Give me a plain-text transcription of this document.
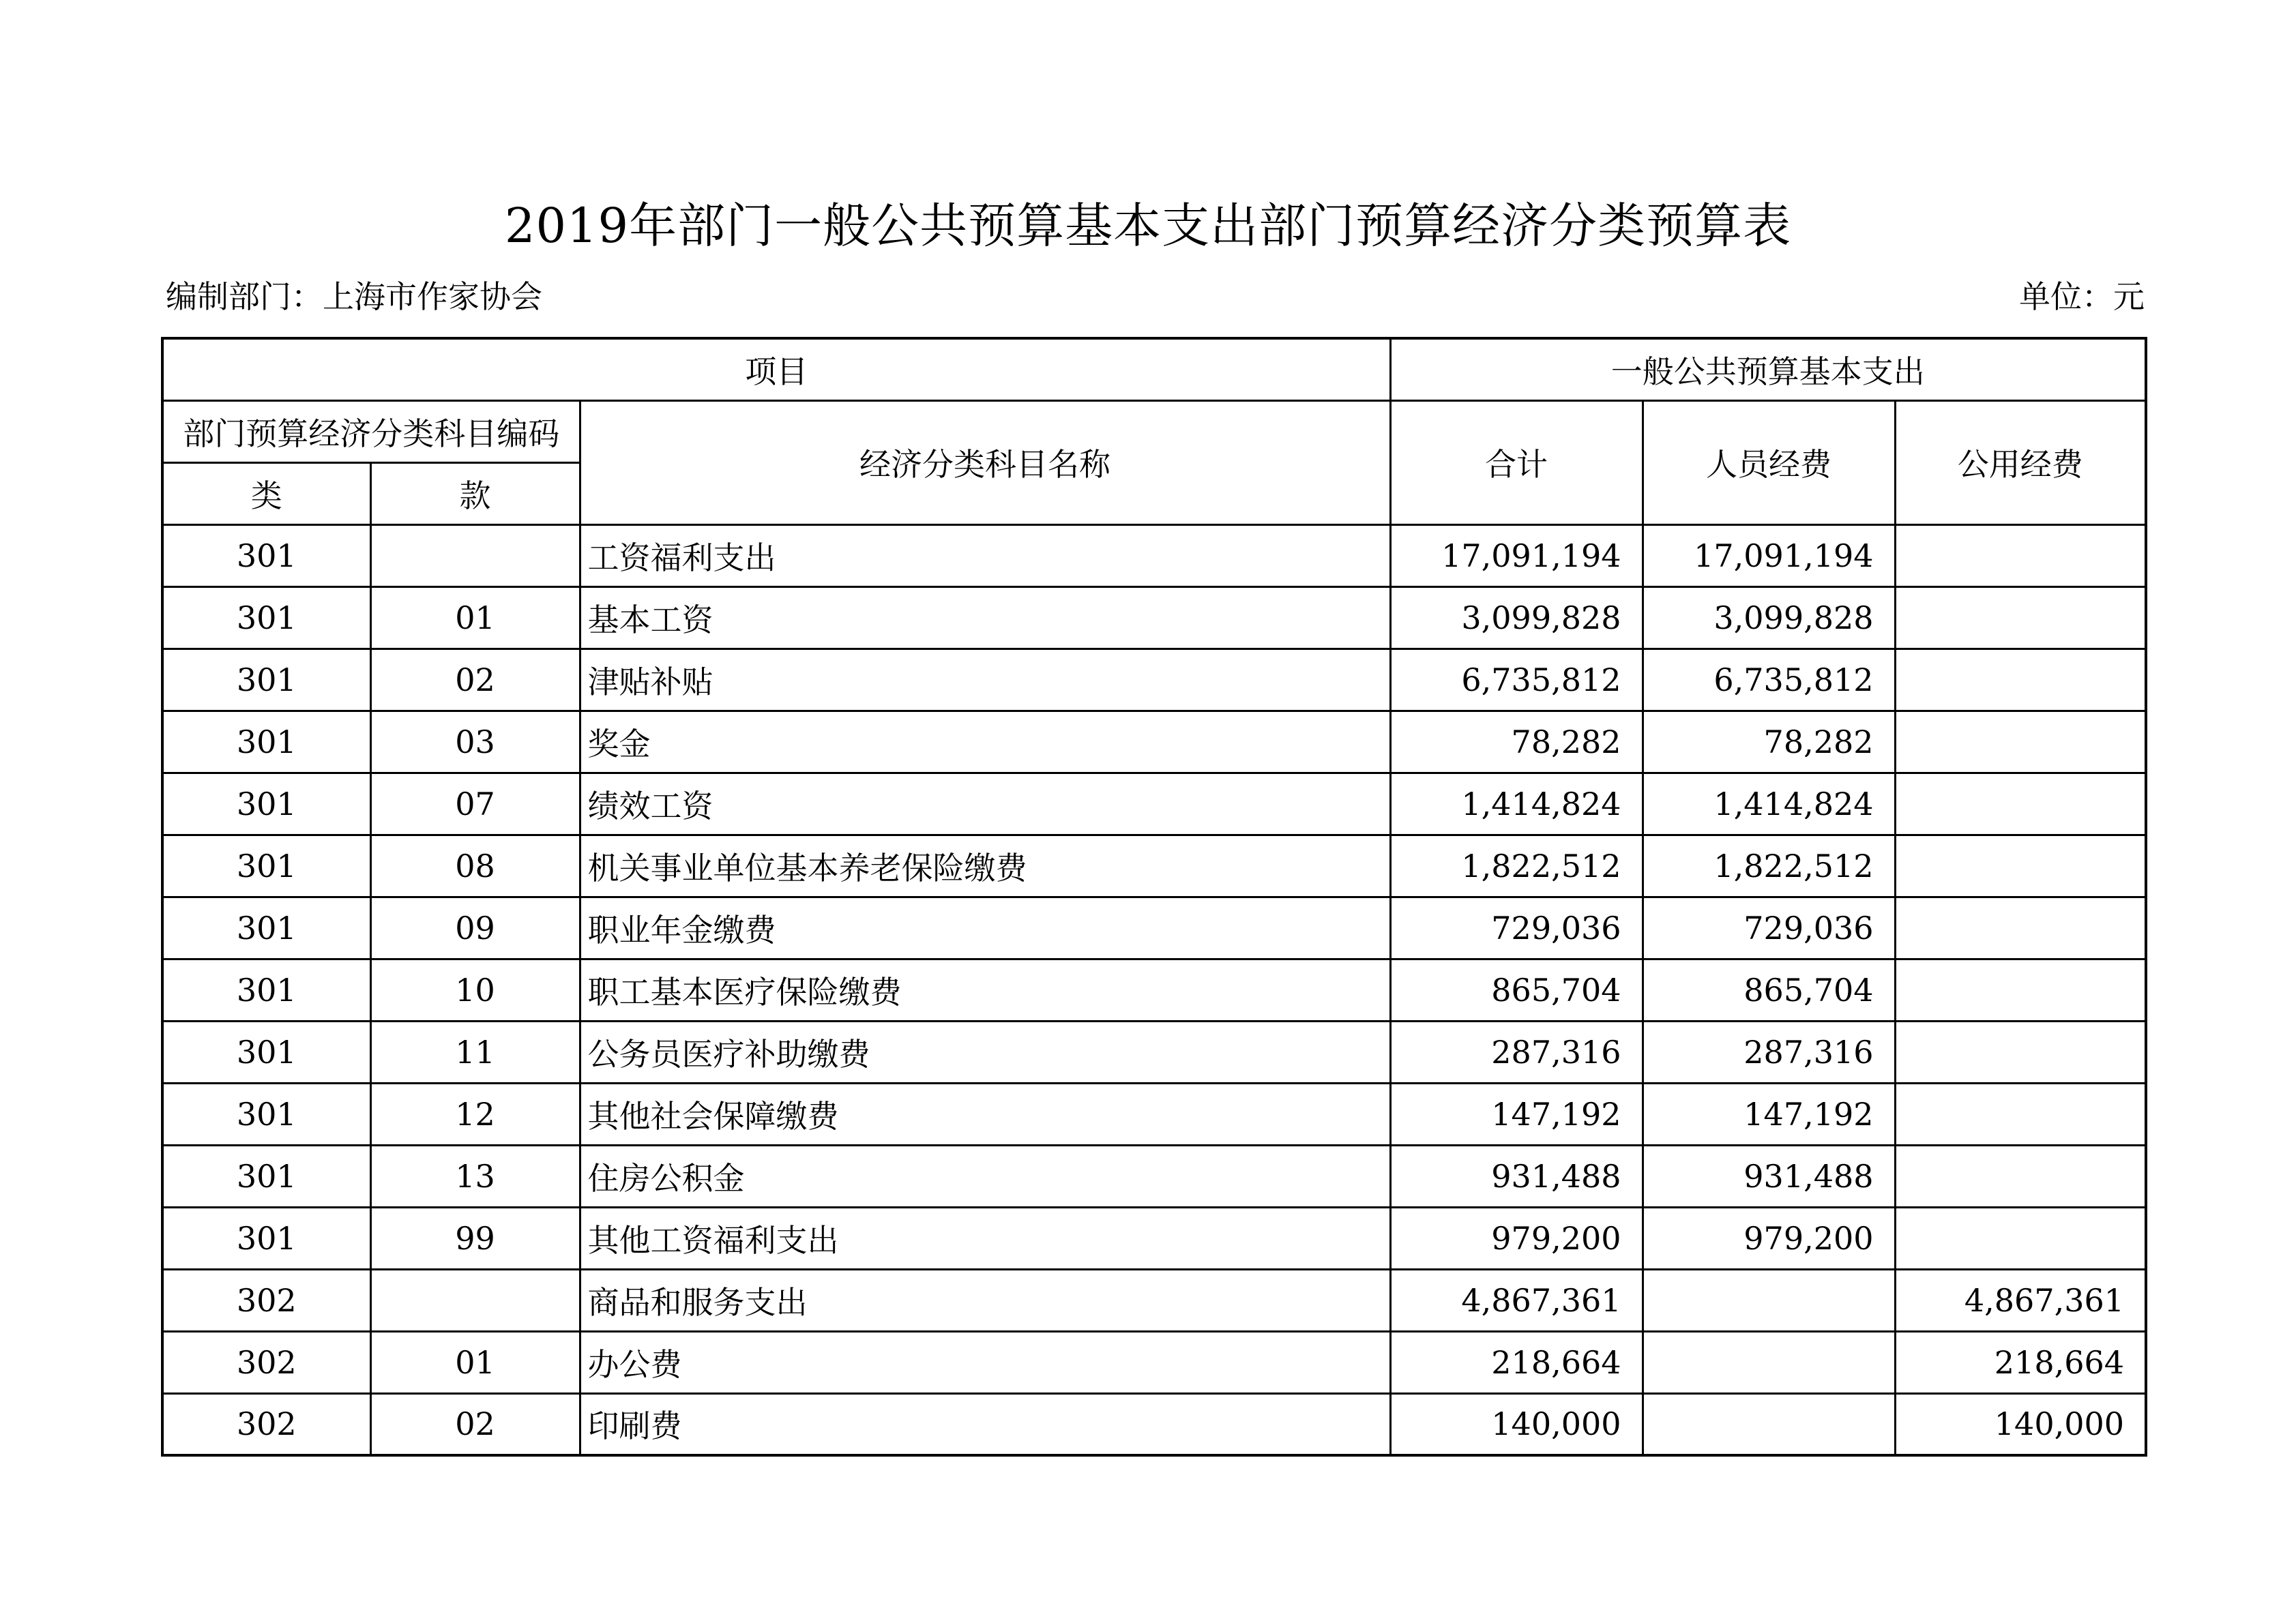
2019年部门一般公共预算基本支出部门预算经济分类预算表
编制部门：上海市作家协会	单位：元
项目			一般公共预算基本支出		
部门预算经济分类科目编码		经济分类科目名称	合计	人员经费	公用经费
类	款				
301		工资福利支出	17,091,194	17,091,194	
301	01	基本工资	3,099,828	3,099,828	
301	02	津贴补贴	6,735,812	6,735,812	
301	03	奖金	78,282	78,282	
301	07	绩效工资	1,414,824	1,414,824	
301	08	机关事业单位基本养老保险缴费	1,822,512	1,822,512	
301	09	职业年金缴费	729,036	729,036	
301	10	职工基本医疗保险缴费	865,704	865,704	
301	11	公务员医疗补助缴费	287,316	287,316	
301	12	其他社会保障缴费	147,192	147,192	
301	13	住房公积金	931,488	931,488	
301	99	其他工资福利支出	979,200	979,200	
302		商品和服务支出	4,867,361		4,867,361
302	01	办公费	218,664		218,664
302	02	印刷费	140,000		140,000
